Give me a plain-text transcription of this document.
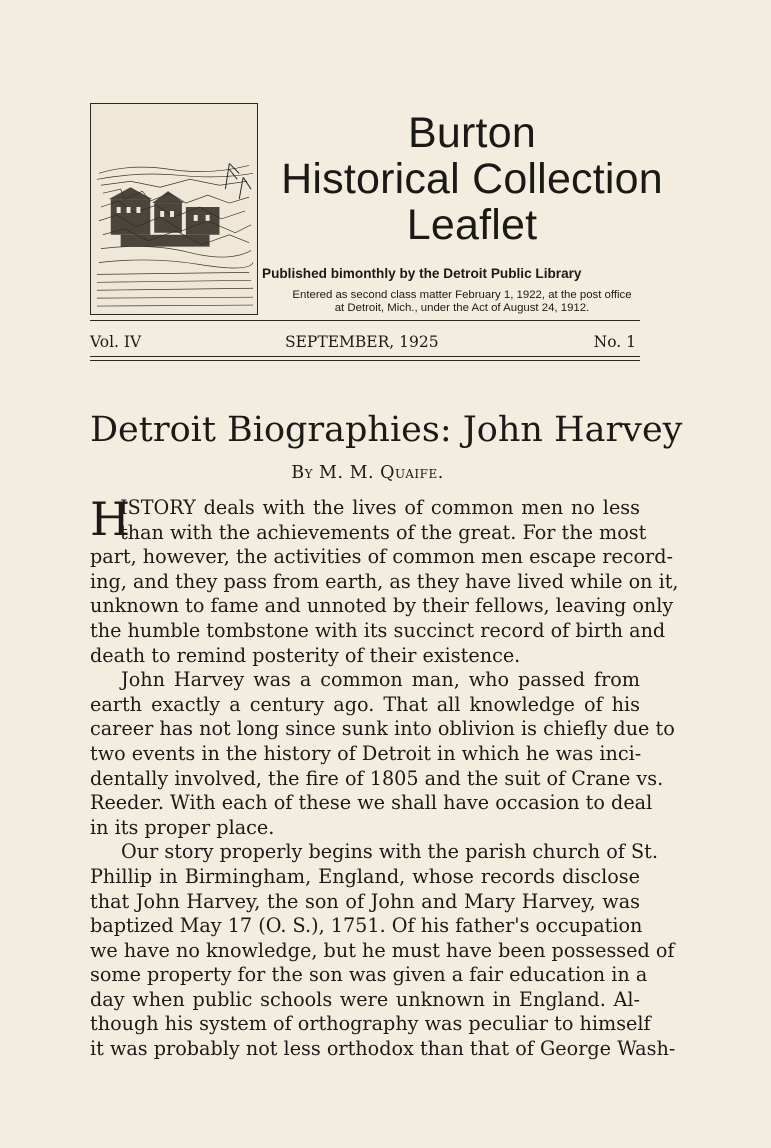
Burton
Historical Collection
Leaflet
Published bimonthly by the Detroit Public Library
Entered as second class matter February 1, 1922, at the post office
at Detroit, Mich., under the Act of August 24, 1912.
Vol. IV	SEPTEMBER, 1925	No. 1
Detroit Biographies: John Harvey
By M. M. Quaife.
H
ISTORY deals with the lives of common men no less
than with the achievements of the great. For the most
part, however, the activities of common men escape record-
ing, and they pass from earth, as they have lived while on it,
unknown to fame and unnoted by their fellows, leaving only
the humble tombstone with its succinct record of birth and
death to remind posterity of their existence.
John Harvey was a common man, who passed from
earth exactly a century ago. That all knowledge of his
career has not long since sunk into oblivion is chiefly due to
two events in the history of Detroit in which he was inci-
dentally involved, the fire of 1805 and the suit of Crane vs.
Reeder. With each of these we shall have occasion to deal
in its proper place.
Our story properly begins with the parish church of St.
Phillip in Birmingham, England, whose records disclose
that John Harvey, the son of John and Mary Harvey, was
baptized May 17 (O. S.), 1751. Of his father's occupation
we have no knowledge, but he must have been possessed of
some property for the son was given a fair education in a
day when public schools were unknown in England. Al-
though his system of orthography was peculiar to himself
it was probably not less orthodox than that of George Wash-
